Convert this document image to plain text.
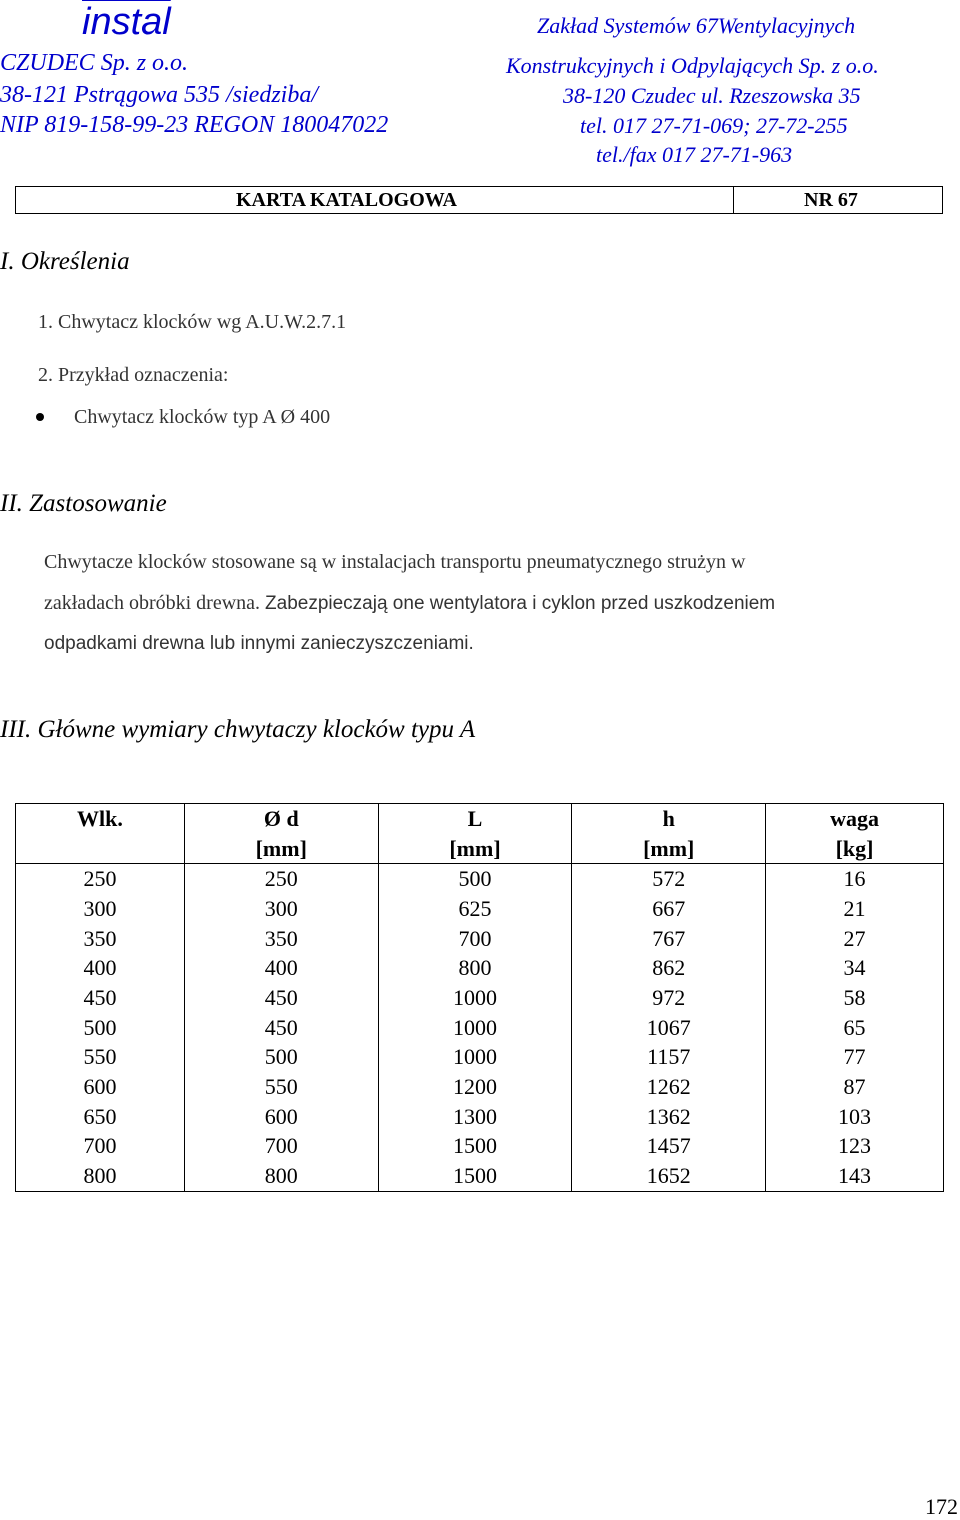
instal
CZUDEC Sp. z o.o.
38-121 Pstrągowa 535 /siedziba/
NIP 819-158-99-23 REGON 180047022
Zakład Systemów 67Wentylacyjnych
Konstrukcyjnych i Odpylających Sp. z o.o.
38-120 Czudec ul. Rzeszowska 35
tel. 017 27-71-069; 27-72-255
tel./fax 017 27-71-963
KARTA KATALOGOWA	NR 67
I. Określenia
1. Chwytacz klocków wg A.U.W.2.7.1
2. Przykład oznaczenia:
Chwytacz klocków typ A Ø 400
II. Zastosowanie
Chwytacze klocków stosowane są w instalacjach transportu pneumatycznego strużyn w
zakładach obróbki drewna. Zabezpieczają one wentylatora i cyklon przed uszkodzeniem
odpadkami drewna lub innymi zanieczyszczeniami.
III. Główne wymiary chwytaczy klocków typu A
Wlk.	Ø d	L	h	waga
	[mm]	[mm]	[mm]	[kg]
250	250	500	572	16
300	300	625	667	21
350	350	700	767	27
400	400	800	862	34
450	450	1000	972	58
500	450	1000	1067	65
550	500	1000	1157	77
600	550	1200	1262	87
650	600	1300	1362	103
700	700	1500	1457	123
800	800	1500	1652	143
172
